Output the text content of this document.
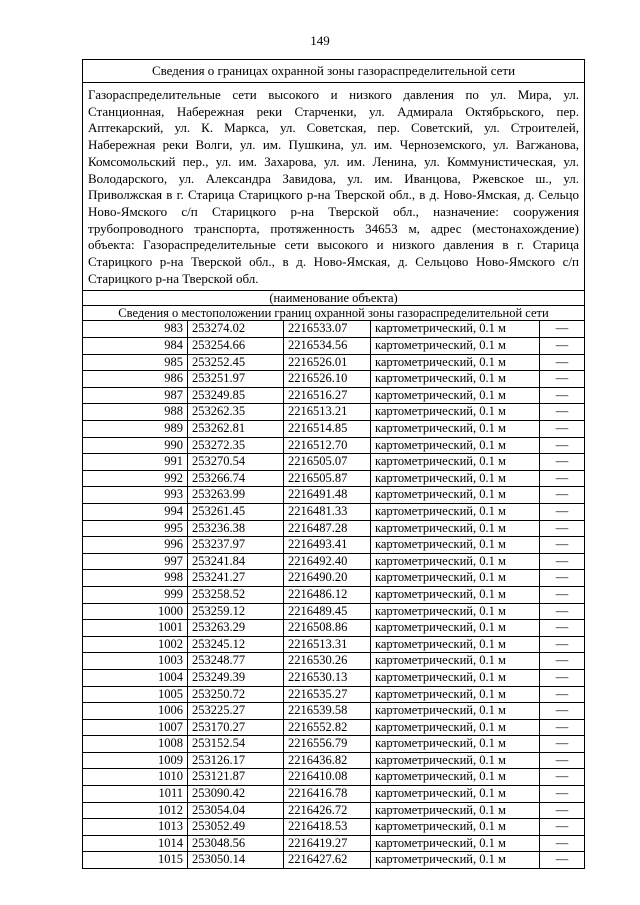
149
Сведения о границах охранной зоны газораспределительной сети				
Газораспределительные сети высокого и низкого давления по ул. Мира, ул. Станционная, Набережная реки Старченки, ул. Адмирала Октябрьского, пер. Аптекарский, ул. К. Маркса, ул. Советская, пер. Советский, ул. Строителей, Набережная реки Волги, ул. им. Пушкина, ул. им. Черноземского, ул. Вагжанова, Комсомольский пер., ул. им. Захарова, ул. им. Ленина, ул. Коммунистическая, ул. Володарского, ул. Александра Завидова, ул. им. Иванцова, Ржевское ш., ул. Приволжская в г. Старица Старицкого р-на Тверской обл., в д. Ново-Ямская, д. Сельцо Ново-Ямского с/п Старицкого р-на Тверской обл., назначение: сооружения трубопроводного транспорта, протяженность 34653 м, адрес (местонахождение) объекта: Газораспределительные сети высокого и низкого давления в г. Старица Старицкого р-на Тверской обл., в д. Ново-Ямская, д. Сельцово Ново-Ямского с/п Старицкого р-на Тверской обл.				
(наименование объекта)				
Сведения о местоположении границ охранной зоны газораспределительной сети				
983	253274.02	2216533.07	картометрический, 0.1 м	—
984	253254.66	2216534.56	картометрический, 0.1 м	—
985	253252.45	2216526.01	картометрический, 0.1 м	—
986	253251.97	2216526.10	картометрический, 0.1 м	—
987	253249.85	2216516.27	картометрический, 0.1 м	—
988	253262.35	2216513.21	картометрический, 0.1 м	—
989	253262.81	2216514.85	картометрический, 0.1 м	—
990	253272.35	2216512.70	картометрический, 0.1 м	—
991	253270.54	2216505.07	картометрический, 0.1 м	—
992	253266.74	2216505.87	картометрический, 0.1 м	—
993	253263.99	2216491.48	картометрический, 0.1 м	—
994	253261.45	2216481.33	картометрический, 0.1 м	—
995	253236.38	2216487.28	картометрический, 0.1 м	—
996	253237.97	2216493.41	картометрический, 0.1 м	—
997	253241.84	2216492.40	картометрический, 0.1 м	—
998	253241.27	2216490.20	картометрический, 0.1 м	—
999	253258.52	2216486.12	картометрический, 0.1 м	—
1000	253259.12	2216489.45	картометрический, 0.1 м	—
1001	253263.29	2216508.86	картометрический, 0.1 м	—
1002	253245.12	2216513.31	картометрический, 0.1 м	—
1003	253248.77	2216530.26	картометрический, 0.1 м	—
1004	253249.39	2216530.13	картометрический, 0.1 м	—
1005	253250.72	2216535.27	картометрический, 0.1 м	—
1006	253225.27	2216539.58	картометрический, 0.1 м	—
1007	253170.27	2216552.82	картометрический, 0.1 м	—
1008	253152.54	2216556.79	картометрический, 0.1 м	—
1009	253126.17	2216436.82	картометрический, 0.1 м	—
1010	253121.87	2216410.08	картометрический, 0.1 м	—
1011	253090.42	2216416.78	картометрический, 0.1 м	—
1012	253054.04	2216426.72	картометрический, 0.1 м	—
1013	253052.49	2216418.53	картометрический, 0.1 м	—
1014	253048.56	2216419.27	картометрический, 0.1 м	—
1015	253050.14	2216427.62	картометрический, 0.1 м	—
